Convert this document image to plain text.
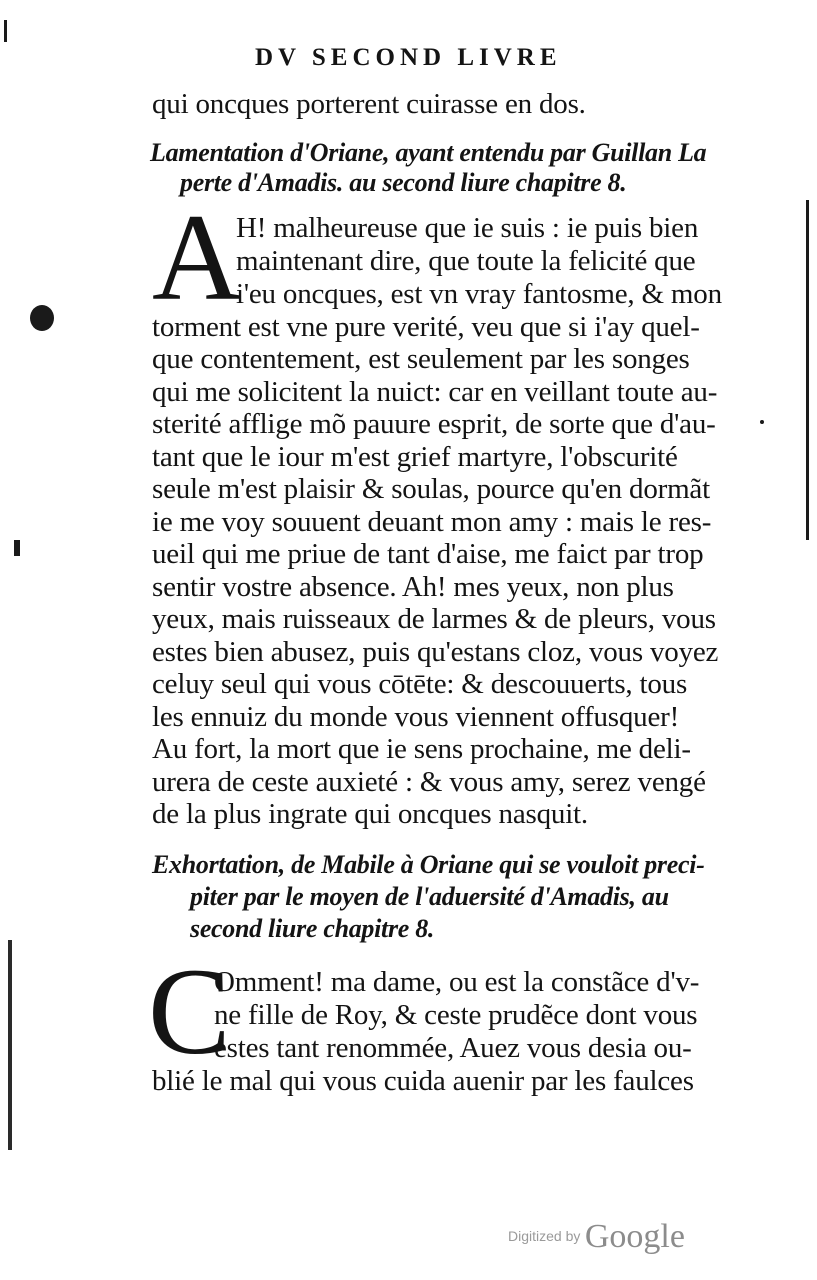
DV SECOND LIVRE
qui oncques porterent cuirasse en dos.
Lamentation d'Oriane, ayant entendu par Guillan La
perte d'Amadis. au second liure chapitre 8.
A
H! malheureuse que ie suis : ie puis bien
maintenant dire, que toute la felicité que
i'eu oncques, est vn vray fantosme, & mon
torment est vne pure verité, veu que si i'ay quel-
que contentement, est seulement par les songes
qui me solicitent la nuict: car en veillant toute au-
sterité afflige mõ pauure esprit, de sorte que d'au-
tant que le iour m'est grief martyre, l'obscurité
seule m'est plaisir & soulas, pource qu'en dormãt
ie me voy souuent deuant mon amy : mais le res-
ueil qui me priue de tant d'aise, me faict par trop
sentir vostre absence. Ah! mes yeux, non plus
yeux, mais ruisseaux de larmes & de pleurs, vous
estes bien abusez, puis qu'estans cloz, vous voyez
celuy seul qui vous cōtēte: & descouuerts, tous
les ennuiz du monde vous viennent offusquer!
Au fort, la mort que ie sens prochaine, me deli-
urera de ceste auxieté : & vous amy, serez vengé
de la plus ingrate qui oncques nasquit.
Exhortation, de Mabile à Oriane qui se vouloit preci-
piter par le moyen de l'aduersité d'Amadis, au
second liure chapitre 8.
C
Omment! ma dame, ou est la constãce d'v-
ne fille de Roy, & ceste prudẽce dont vous
estes tant renommée, Auez vous desia ou-
blié le mal qui vous cuida auenir par les faulces
Digitized by Google
